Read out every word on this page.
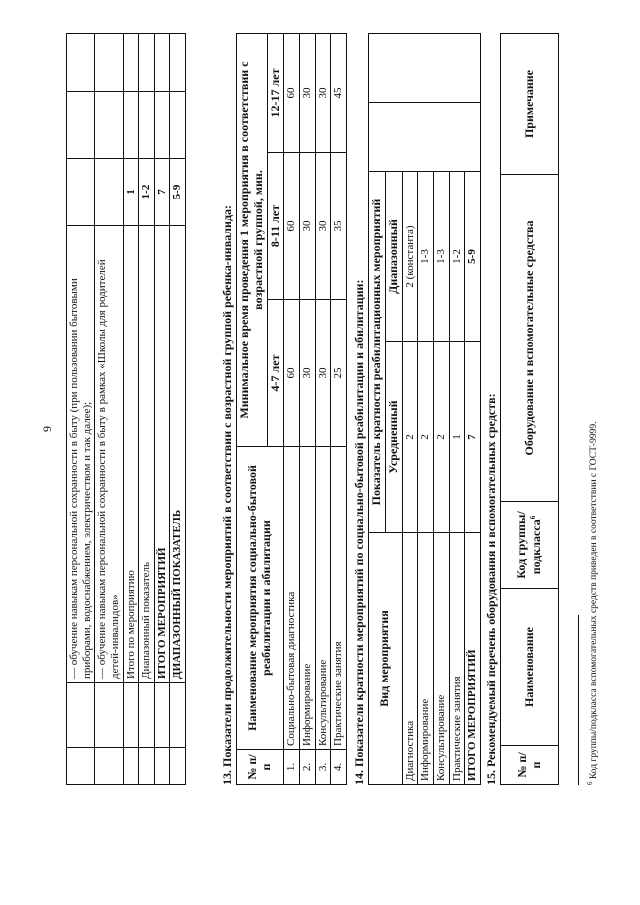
9
		— обучение навыкам персональной сохранности в быту (при пользовании бытовыми приборами, водоснабжением, электричеством и так далее);			
		— обучение навыкам персональной сохранности в быту в рамках «Школы для родителей детей-инвалидов»			
		Итого по мероприятию	1		
		Диапазонный показатель	1-2		
		ИТОГО МЕРОПРИЯТИЙ	7		
		ДИАПАЗОННЫЙ ПОКАЗАТЕЛЬ	5-9		
13. Показатели продолжительности мероприятий в соответствии с возрастной группой ребенка-инвалида: № п/п	Наименование мероприятия социально-бытовой реабилитации и абилитации	Минимальное время проведения 1 мероприятия в соответствии с возрастной группой, мин.		
		4-7 лет	8-11 лет	12-17 лет
1.	Социально-бытовая диагностика	60	60	60
2.	Информирование	30	30	30
3.	Консультирование	30	30	30
4.	Практические занятия	25	35	45
14. Показатели кратности мероприятий по социально-бытовой реабилитации и абилитации: Вид мероприятия	Показатель кратности реабилитационных мероприятий			
	Усредненный	Диапазонный		
Диагностика	2	2 (константа)		
Информирование	2	1-3		
Консультирование	2	1-3		
Практические занятия	1	1-2		
ИТОГО МЕРОПРИЯТИЙ	7	5-9		
15. Рекомендуемый перечень оборудования и вспомогательных средств: № п/п	Наименование	Код группы/ подкласса$^6$	Оборудование и вспомогательные средства	Примечание
$^6$ Код группы/подкласса вспомогательных средств приведен в соответствии с ГОСТ-9999.
